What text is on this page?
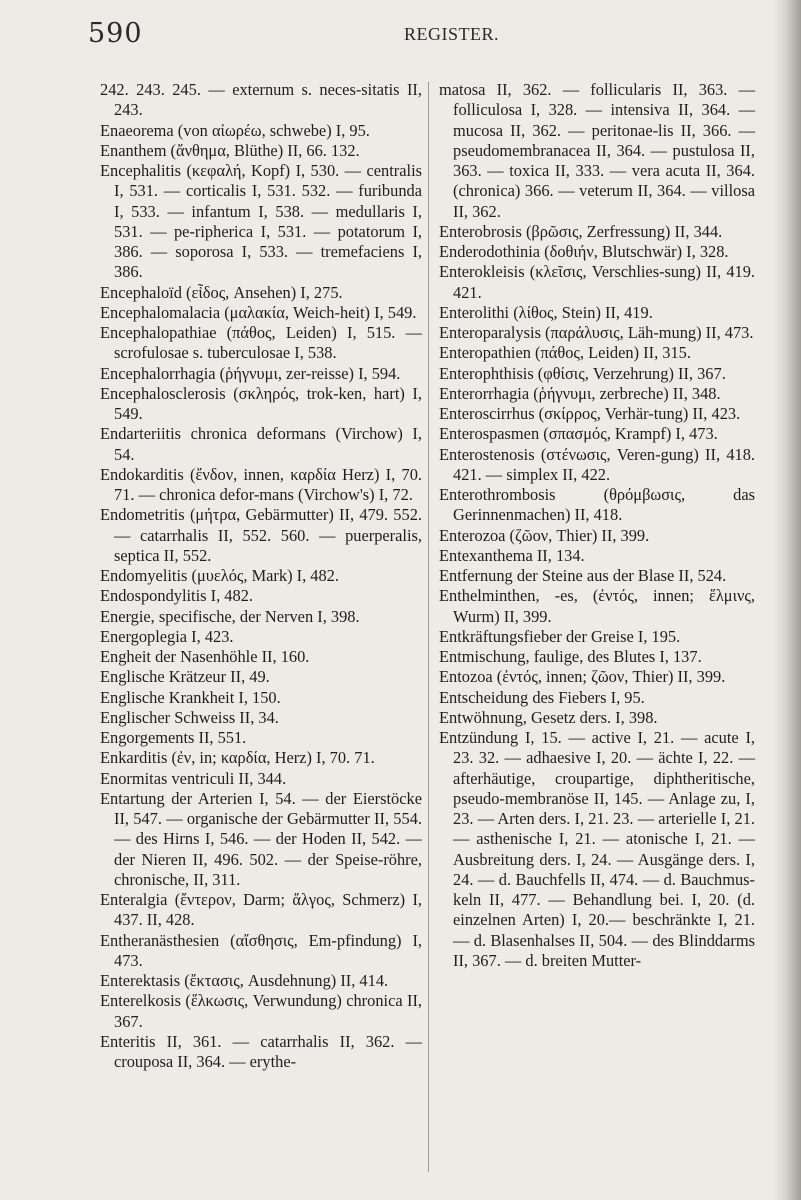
590	REGISTER.

242. 243. 245. — externum s. neces-sitatis II, 243.

Enaeorema (von αἰωρέω, schwebe) I, 95.

Enanthem (ἄνθημα, Blüthe) II, 66. 132.

Encephalitis (κεφαλή, Kopf) I, 530. — centralis I, 531. — corticalis I, 531. 532. — furibunda I, 533. — infantum I, 538. — medullaris I, 531. — pe-ripherica I, 531. — potatorum I, 386. — soporosa I, 533. — tremefaciens I, 386.

Encephaloïd (εἶδος, Ansehen) I, 275.

Encephalomalacia (μαλακία, Weich-heit) I, 549.

Encephalopathiae (πάθος, Leiden) I, 515. — scrofulosae s. tuberculosae I, 538.

Encephalorrhagia (ῥήγνυμι, zer-reisse) I, 594.

Encephalosclerosis (σκληρός, trok-ken, hart) I, 549.

Endarteriitis chronica deformans (Virchow) I, 54.

Endokarditis (ἔνδον, innen, καρδία Herz) I, 70. 71. — chronica defor-mans (Virchow's) I, 72.

Endometritis (μήτρα, Gebärmutter) II, 479. 552. — catarrhalis II, 552. 560. — puerperalis, septica II, 552.

Endomyelitis (μυελός, Mark) I, 482.

Endospondylitis I, 482.

Energie, specifische, der Nerven I, 398.

Energoplegia I, 423.

Engheit der Nasenhöhle II, 160.

Englische Krätzeur II, 49.

Englische Krankheit I, 150.

Englischer Schweiss II, 34.

Engorgements II, 551.

Enkarditis (ἐν, in; καρδία, Herz) I, 70. 71.

Enormitas ventriculi II, 344.

Entartung der Arterien I, 54. — der Eierstöcke II, 547. — organische der Gebärmutter II, 554. — des Hirns I, 546. — der Hoden II, 542. — der Nieren II, 496. 502. — der Speise-röhre, chronische, II, 311.

Enteralgia (ἔντερον, Darm; ἄλγος, Schmerz) I, 437. II, 428.

Entheranästhesien (αἴσθησις, Em-pfindung) I, 473.

Enterektasis (ἔκτασις, Ausdehnung) II, 414.

Enterelkosis (ἕλκωσις, Verwundung) chronica II, 367.

Enteritis II, 361. — catarrhalis II, 362. — crouposa II, 364. — erythe-

matosa II, 362. — follicularis II, 363. — folliculosa I, 328. — intensiva II, 364. — mucosa II, 362. — peritonae-lis II, 366. — pseudomembranacea II, 364. — pustulosa II, 363. — toxica II, 333. — vera acuta II, 364. (chronica) 366. — veterum II, 364. — villosa II, 362.

Enterobrosis (βρῶσις, Zerfressung) II, 344.

Enderodothinia (δοθιήν, Blutschwär) I, 328.

Enterokleisis (κλεῖσις, Verschlies-sung) II, 419. 421.

Enterolithi (λίθος, Stein) II, 419.

Enteroparalysis (παράλυσις, Läh-mung) II, 473.

Enteropathien (πάθος, Leiden) II, 315.

Enterophthisis (φθίσις, Verzehrung) II, 367.

Enterorrhagia (ῥήγνυμι, zerbreche) II, 348.

Enteroscirrhus (σκίρρος, Verhär-tung) II, 423.

Enterospasmen (σπασμός, Krampf) I, 473.

Enterostenosis (στένωσις, Veren-gung) II, 418. 421. — simplex II, 422.

Enterothrombosis (θρόμβωσις, das Gerinnenmachen) II, 418.

Enterozoa (ζῶον, Thier) II, 399.

Entexanthema II, 134.

Entfernung der Steine aus der Blase II, 524.

Enthelminthen, -es, (ἐντός, innen; ἕλμινς, Wurm) II, 399.

Entkräftungsfieber der Greise I, 195.

Entmischung, faulige, des Blutes I, 137.

Entozoa (ἐντός, innen; ζῶον, Thier) II, 399.

Entscheidung des Fiebers I, 95.

Entwöhnung, Gesetz ders. I, 398.

Entzündung I, 15. — active I, 21. — acute I, 23. 32. — adhaesive I, 20. — ächte I, 22. — afterhäutige, croupartige, diphtheritische, pseudo-membranöse II, 145. — Anlage zu, I, 23. — Arten ders. I, 21. 23. — arterielle I, 21. — asthenische I, 21. — atonische I, 21. — Ausbreitung ders. I, 24. — Ausgänge ders. I, 24. — d. Bauchfells II, 474. — d. Bauchmus-keln II, 477. — Behandlung bei. I, 20. (d. einzelnen Arten) I, 20.— beschränkte I, 21. — d. Blasenhalses II, 504. — des Blinddarms II, 367. — d. breiten Mutter-
